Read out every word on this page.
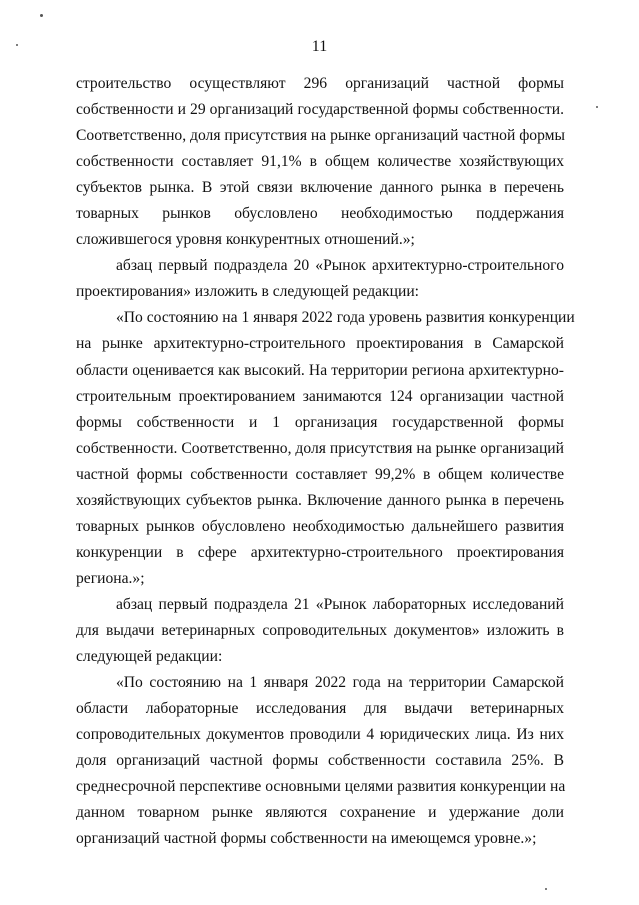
11
строительство осуществляют 296 организаций частной формы
собственности и 29 организаций государственной формы собственности.
Соответственно, доля присутствия на рынке организаций частной формы
собственности составляет 91,1% в общем количестве хозяйствующих
субъектов рынка. В этой связи включение данного рынка в перечень
товарных рынков обусловлено необходимостью поддержания
сложившегося уровня конкурентных отношений.»;
абзац первый подраздела 20 «Рынок архитектурно-строительного
проектирования» изложить в следующей редакции:
«По состоянию на 1 января 2022 года уровень развития конкуренции
на рынке архитектурно-строительного проектирования в Самарской
области оценивается как высокий. На территории региона архитектурно-
строительным проектированием занимаются 124 организации частной
формы собственности и 1 организация государственной формы
собственности. Соответственно, доля присутствия на рынке организаций
частной формы собственности составляет 99,2% в общем количестве
хозяйствующих субъектов рынка. Включение данного рынка в перечень
товарных рынков обусловлено необходимостью дальнейшего развития
конкуренции в сфере архитектурно-строительного проектирования
региона.»;
абзац первый подраздела 21 «Рынок лабораторных исследований
для выдачи ветеринарных сопроводительных документов» изложить в
следующей редакции:
«По состоянию на 1 января 2022 года на территории Самарской
области лабораторные исследования для выдачи ветеринарных
сопроводительных документов проводили 4 юридических лица. Из них
доля организаций частной формы собственности составила 25%. В
среднесрочной перспективе основными целями развития конкуренции на
данном товарном рынке являются сохранение и удержание доли
организаций частной формы собственности на имеющемся уровне.»;
